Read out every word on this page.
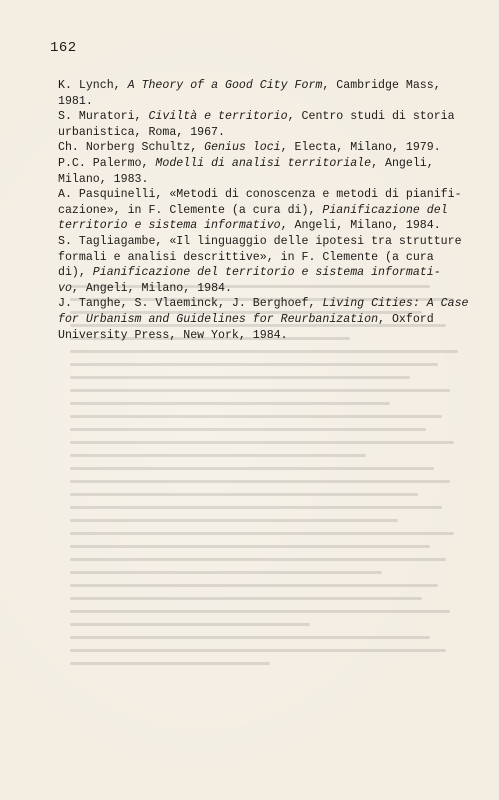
162

K. Lynch, A Theory of a Good City Form, Cambridge Mass,
1981.

S. Muratori, Civiltà e territorio, Centro studi di storia
urbanistica, Roma, 1967.

Ch. Norberg Schultz, Genius loci, Electa, Milano, 1979.

P.C. Palermo, Modelli di analisi territoriale, Angeli,
Milano, 1983.

A. Pasquinelli, «Metodi di conoscenza e metodi di pianifi-
cazione», in F. Clemente (a cura di), Pianificazione del
territorio e sistema informativo, Angeli, Milano, 1984.

S. Tagliagambe, «Il linguaggio delle ipotesi tra strutture
formali e analisi descrittive», in F. Clemente (a cura
di), Pianificazione del territorio e sistema informati-
vo, Angeli, Milano, 1984.

J. Tanghe, S. Vlaeminck, J. Berghoef, Living Cities: A Case
for Urbanism and Guidelines for Reurbanization, Oxford
University Press, New York, 1984.
